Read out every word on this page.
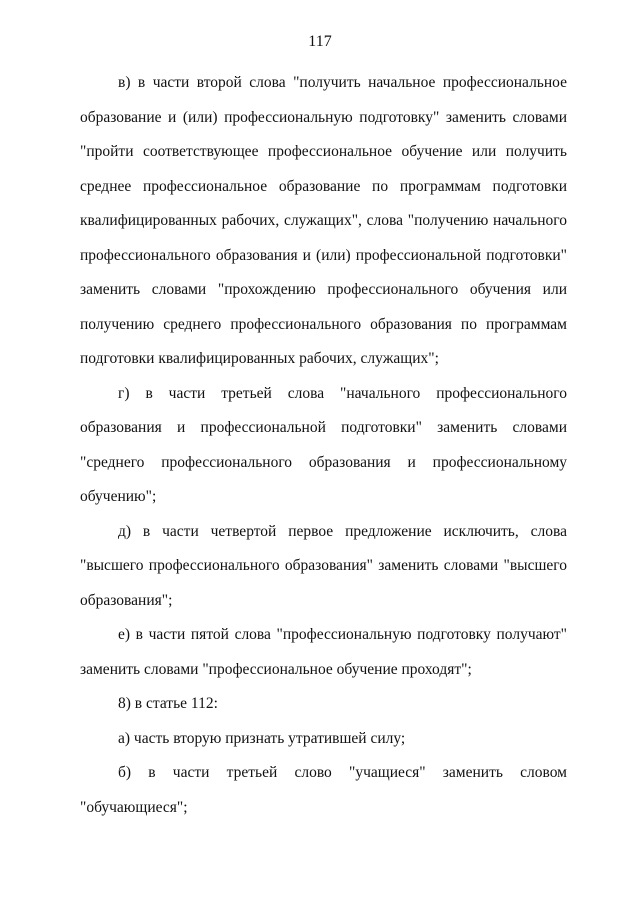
117

в) в части второй слова "получить начальное профессиональное образование и (или) профессиональную подготовку" заменить словами "пройти соответствующее профессиональное обучение или получить среднее профессиональное образование по программам подготовки квалифицированных рабочих, служащих", слова "получению начального профессионального образования и (или) профессиональной подготовки" заменить словами "прохождению профессионального обучения или получению среднего профессионального образования по программам подготовки квалифицированных рабочих, служащих";

г) в части третьей слова "начального профессионального образования и профессиональной подготовки" заменить словами "среднего профессионального образования и профессиональному обучению";

д) в части четвертой первое предложение исключить, слова "высшего профессионального образования" заменить словами "высшего образования";

е) в части пятой слова "профессиональную подготовку получают" заменить словами "профессиональное обучение проходят";

8) в статье 112:

а) часть вторую признать утратившей силу;

б) в части третьей слово "учащиеся" заменить словом
"обучающиеся";
